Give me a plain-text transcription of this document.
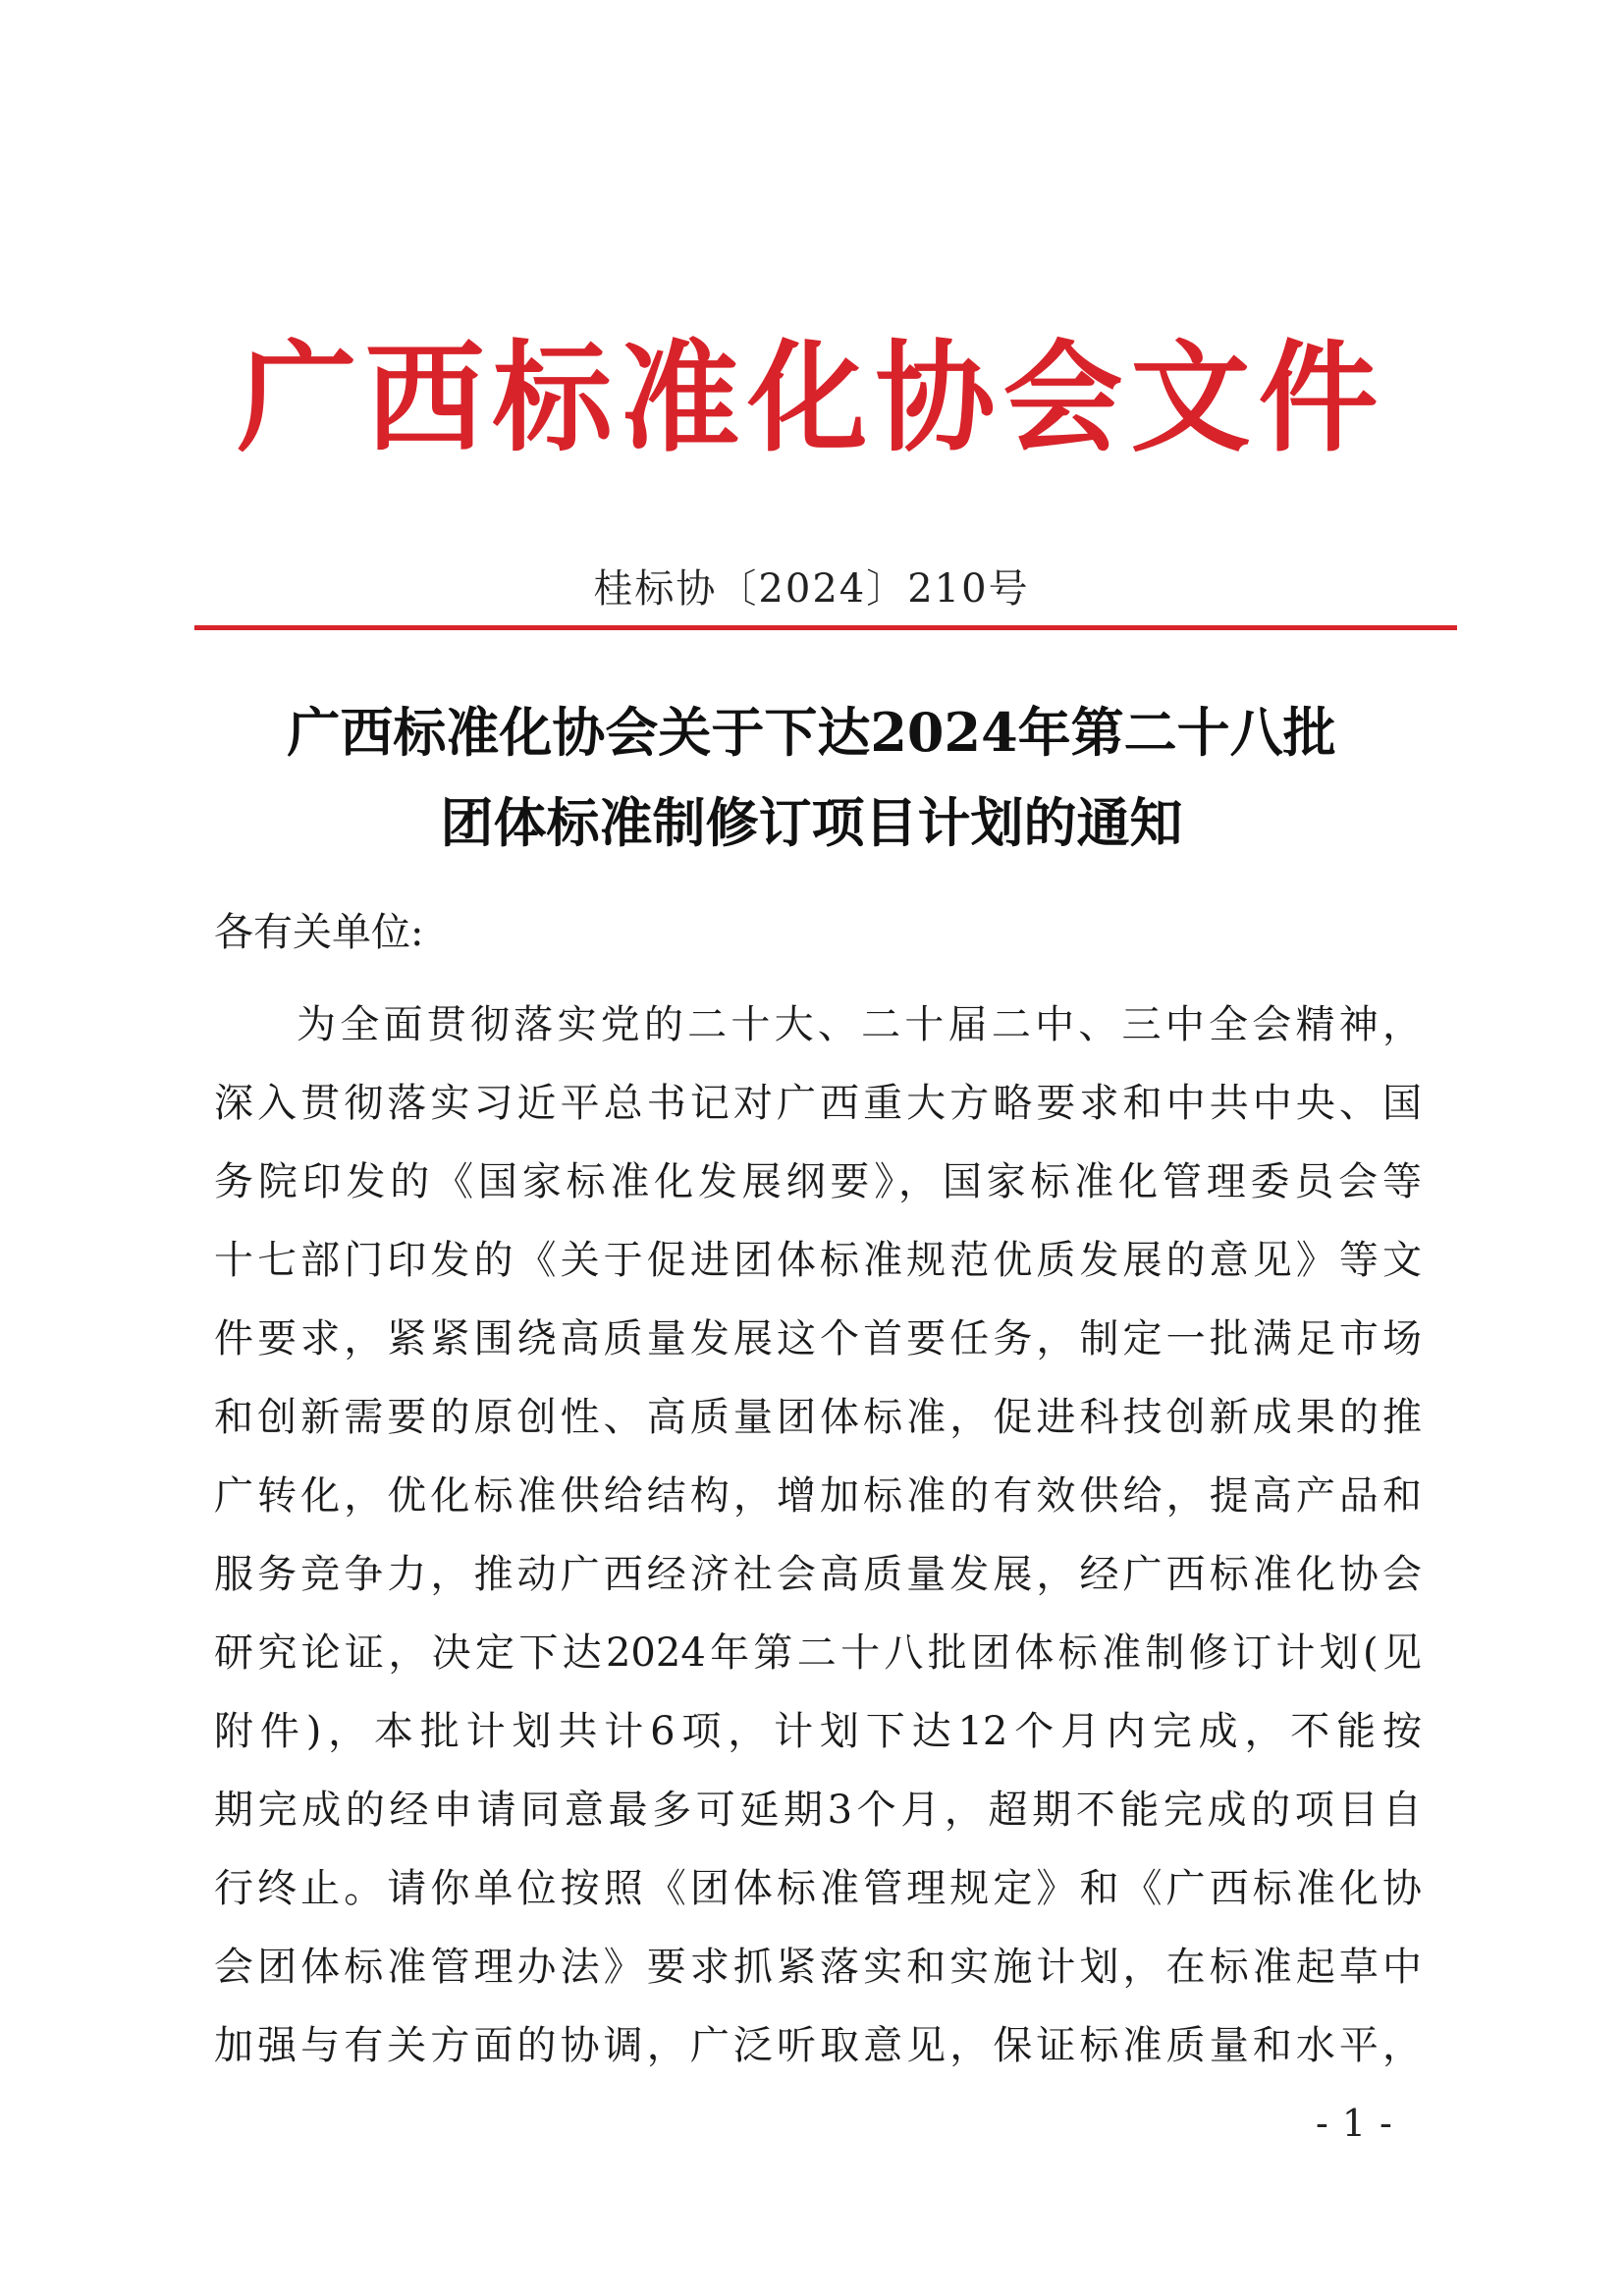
广西标准化协会文件
桂标协〔2024〕210号
广西标准化协会关于下达2024年第二十八批
团体标准制修订项目计划的通知
各有关单位:
为全面贯彻落实党的二十大、二十届二中、三中全会精神，
深入贯彻落实习近平总书记对广西重大方略要求和中共中央、国
务院印发的《国家标准化发展纲要》，国家标准化管理委员会等
十七部门印发的《关于促进团体标准规范优质发展的意见》等文
件要求，紧紧围绕高质量发展这个首要任务，制定一批满足市场
和创新需要的原创性、高质量团体标准，促进科技创新成果的推
广转化，优化标准供给结构，增加标准的有效供给，提高产品和
服务竞争力，推动广西经济社会高质量发展，经广西标准化协会
研究论证，决定下达2024年第二十八批团体标准制修订计划(见
附件)，本批计划共计6项，计划下达12个月内完成，不能按
期完成的经申请同意最多可延期3个月，超期不能完成的项目自
行终止。请你单位按照《团体标准管理规定》和《广西标准化协
会团体标准管理办法》要求抓紧落实和实施计划，在标准起草中
加强与有关方面的协调，广泛听取意见，保证标准质量和水平，
-1-
